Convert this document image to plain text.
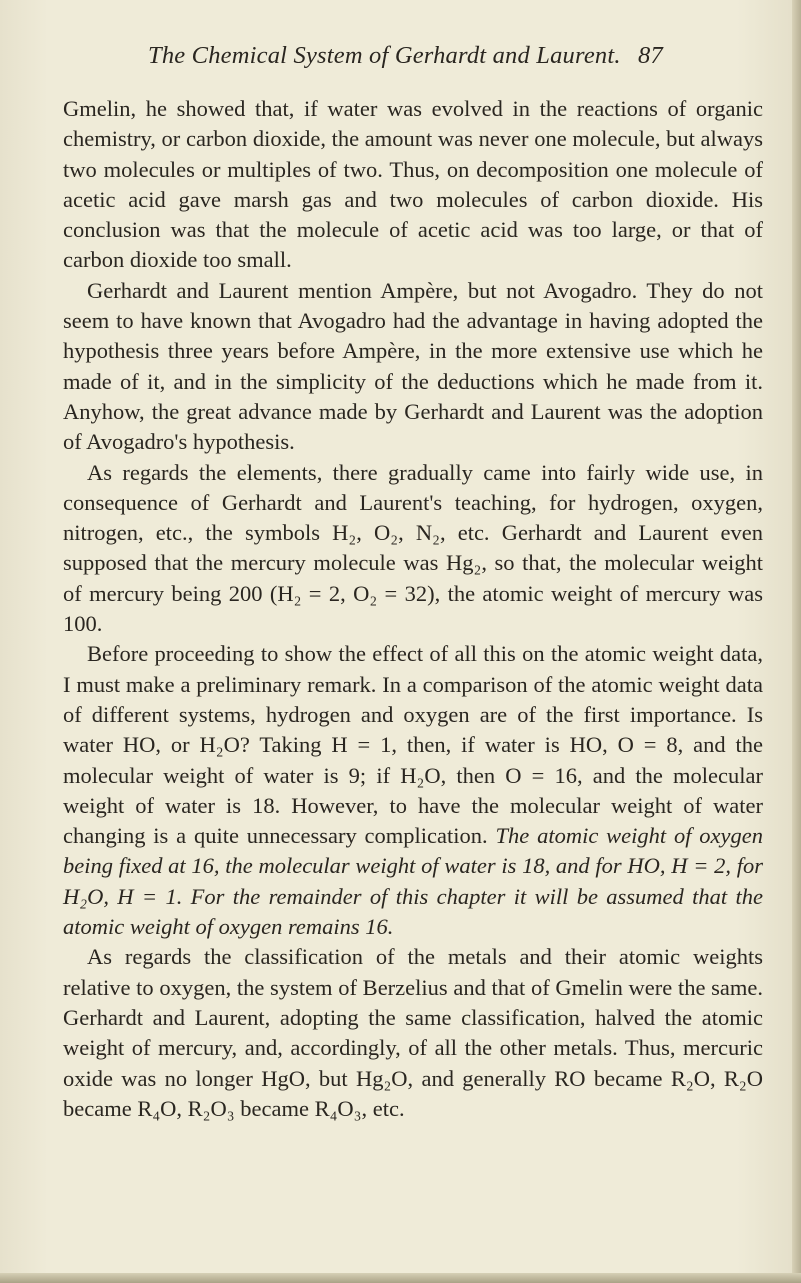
The Chemical System of Gerhardt and Laurent. 87

Gmelin, he showed that, if water was evolved in the reactions of organic chemistry, or carbon dioxide, the amount was never one molecule, but always two molecules or multiples of two. Thus, on decomposition one molecule of acetic acid gave marsh gas and two molecules of carbon dioxide. His conclusion was that the molecule of acetic acid was too large, or that of carbon dioxide too small.

Gerhardt and Laurent mention Ampère, but not Avogadro. They do not seem to have known that Avogadro had the advantage in having adopted the hypothesis three years before Ampère, in the more extensive use which he made of it, and in the simplicity of the deductions which he made from it. Anyhow, the great advance made by Gerhardt and Laurent was the adoption of Avogadro's hypothesis.

As regards the elements, there gradually came into fairly wide use, in consequence of Gerhardt and Laurent's teaching, for hydrogen, oxygen, nitrogen, etc., the symbols H₂, O₂, N₂, etc. Gerhardt and Laurent even supposed that the mercury molecule was Hg₂, so that, the molecular weight of mercury being 200 (H₂ = 2, O₂ = 32), the atomic weight of mercury was 100.

Before proceeding to show the effect of all this on the atomic weight data, I must make a preliminary remark. In a comparison of the atomic weight data of different systems, hydrogen and oxygen are of the first importance. Is water HO, or H₂O? Taking H = 1, then, if water is HO, O = 8, and the molecular weight of water is 9; if H₂O, then O = 16, and the molecular weight of water is 18. However, to have the molecular weight of water changing is a quite unnecessary complication. The atomic weight of oxygen being fixed at 16, the molecular weight of water is 18, and for HO, H = 2, for H₂O, H = 1. For the remainder of this chapter it will be assumed that the atomic weight of oxygen remains 16.

As regards the classification of the metals and their atomic weights relative to oxygen, the system of Berzelius and that of Gmelin were the same. Gerhardt and Laurent, adopting the same classification, halved the atomic weight of mercury, and, accordingly, of all the other metals. Thus, mercuric oxide was no longer HgO, but Hg₂O, and generally RO became R₂O, R₂O became R₄O, R₂O₃ became R₄O₃, etc.
